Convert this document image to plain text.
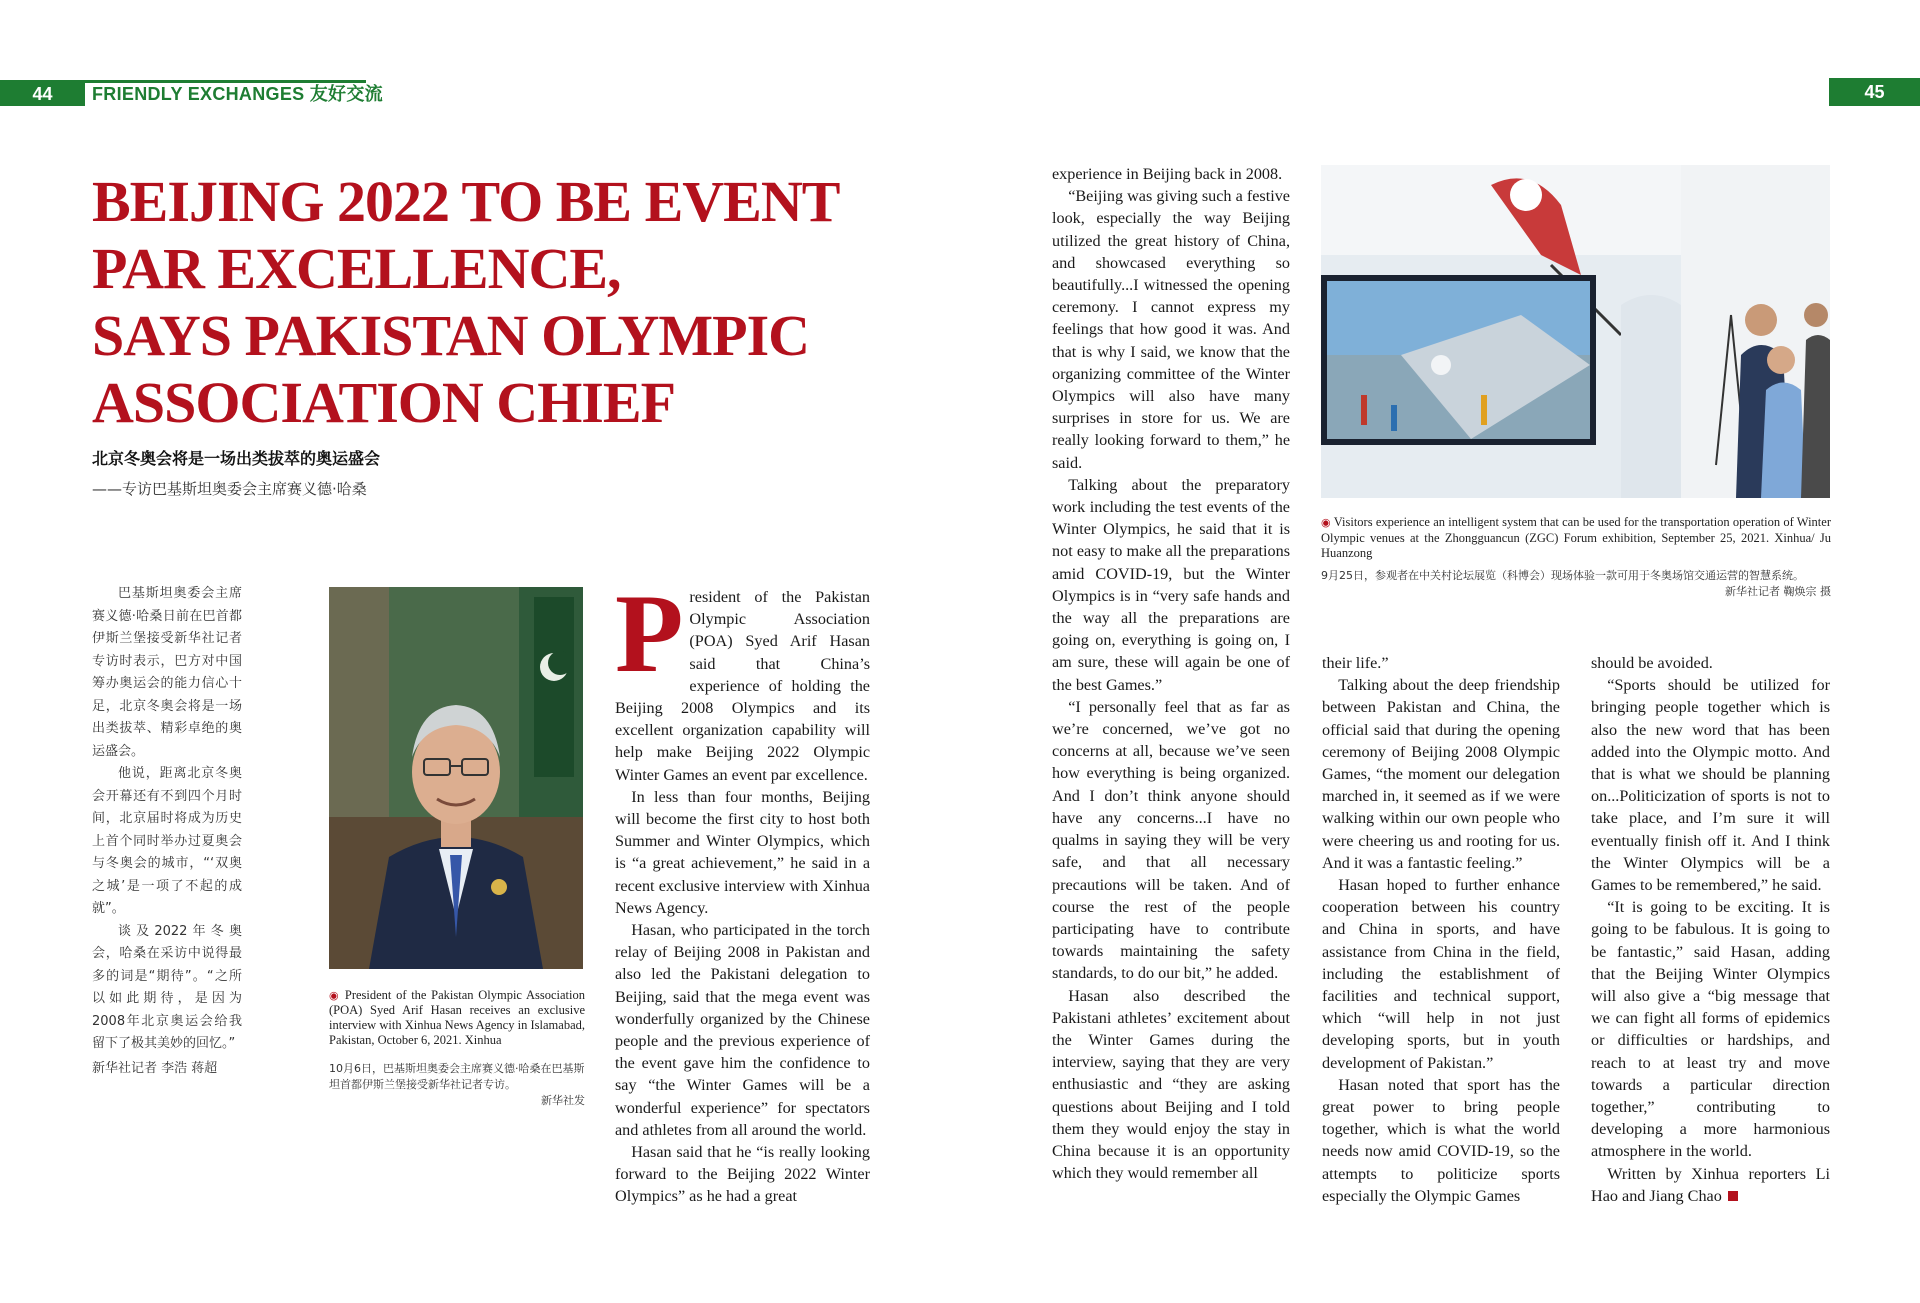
44	FRIENDLY EXCHANGES 友好交流	45
BEIJING 2022 TO BE EVENT
PAR EXCELLENCE,
SAYS PAKISTAN OLYMPIC
ASSOCIATION CHIEF
北京冬奥会将是一场出类拔萃的奥运盛会
——专访巴基斯坦奥委会主席赛义德·哈桑

巴基斯坦奥委会主席赛义德·哈桑日前在巴首都伊斯兰堡接受新华社记者专访时表示，巴方对中国筹办奥运会的能力信心十足，北京冬奥会将是一场出类拔萃、精彩卓绝的奥运盛会。

他说，距离北京冬奥会开幕还有不到四个月时间，北京届时将成为历史上首个同时举办过夏奥会与冬奥会的城市，“‘双奥之城’是一项了不起的成就”。

谈及2022年冬奥会，哈桑在采访中说得最多的词是“期待”。“之所以如此期待，是因为2008年北京奥运会给我留下了极其美妙的回忆。”

新华社记者 李浩 蒋超

◉ President of the Pakistan Olympic Association (POA) Syed Arif Hasan receives an exclusive interview with Xinhua News Agency in Islamabad, Pakistan, October 6, 2021. Xinhua
10月6日，巴基斯坦奥委会主席赛义德·哈桑在巴基斯坦首都伊斯兰堡接受新华社记者专访。
新华社发

President of the Pakistan Olympic Association (POA) Syed Arif Hasan said that China’s experience of holding the Beijing 2008 Olympics and its excellent organization capability will help make Beijing 2022 Olympic Winter Games an event par excellence.

In less than four months, Beijing will become the first city to host both Summer and Winter Olympics, which is “a great achievement,” he said in a recent exclusive interview with Xinhua News Agency.

Hasan, who participated in the torch relay of Beijing 2008 in Pakistan and also led the Pakistani delegation to Beijing, said that the mega event was wonderfully organized by the Chinese people and the previous experience of the event gave him the confidence to say “the Winter Games will be a wonderful experience” for spectators and athletes from all around the world.

Hasan said that he “is really looking forward to the Beijing 2022 Winter Olympics” as he had a great

experience in Beijing back in 2008.

“Beijing was giving such a festive look, especially the way Beijing utilized the great history of China, and showcased everything so beautifully...I witnessed the opening ceremony. I cannot express my feelings that how good it was. And that is why I said, we know that the organizing committee of the Winter Olympics will also have many surprises in store for us. We are really looking forward to them,” he said.

Talking about the preparatory work including the test events of the Winter Olympics, he said that it is not easy to make all the preparations amid COVID-19, but the Winter Olympics is in “very safe hands and the way all the preparations are going on, everything is going on, I am sure, these will again be one of the best Games.”

“I personally feel that as far as we’re concerned, we’ve got no concerns at all, because we’ve seen how everything is being organized. And I don’t think anyone should have any concerns...I have no qualms in saying they will be very safe, and that all necessary precautions will be taken. And of course the rest of the people participating have to contribute towards maintaining the safety standards, to do our bit,” he added.

Hasan also described the Pakistani athletes’ excitement about the Winter Games during the interview, saying that they are very enthusiastic and “they are asking questions about Beijing and I told them they would enjoy the stay in China because it is an opportunity which they would remember all

◉ Visitors experience an intelligent system that can be used for the transportation operation of Winter Olympic venues at the Zhongguancun (ZGC) Forum exhibition, September 25, 2021. Xinhua/ Ju Huanzong
9月25日，参观者在中关村论坛展览（科博会）现场体验一款可用于冬奥场馆交通运营的智慧系统。
新华社记者 鞠焕宗 摄

their life.”

Talking about the deep friendship between Pakistan and China, the official said that during the opening ceremony of Beijing 2008 Olympic Games, “the moment our delegation marched in, it seemed as if we were walking within our own people who were cheering us and rooting for us. And it was a fantastic feeling.”

Hasan hoped to further enhance cooperation between his country and China in sports, and have assistance from China in the field, including the establishment of facilities and technical support, which “will help in not just developing sports, but in youth development of Pakistan.”

Hasan noted that sport has the great power to bring people together, which is what the world needs now amid COVID-19, so the attempts to politicize sports especially the Olympic Games

should be avoided.

“Sports should be utilized for bringing people together which is also the new word that has been added into the Olympic motto. And that is what we should be planning on...Politicization of sports is not to take place, and I’m sure it will eventually finish off it. And I think the Winter Olympics will be a Games to be remembered,” he said.

“It is going to be exciting. It is going to be fabulous. It is going to be fantastic,” said Hasan, adding that the Beijing Winter Olympics will also give a “big message that we can fight all forms of epidemics or difficulties or hardships, and reach to at least try and move towards a particular direction together,” contributing to developing a more harmonious atmosphere in the world.

Written by Xinhua reporters Li Hao and Jiang Chao
